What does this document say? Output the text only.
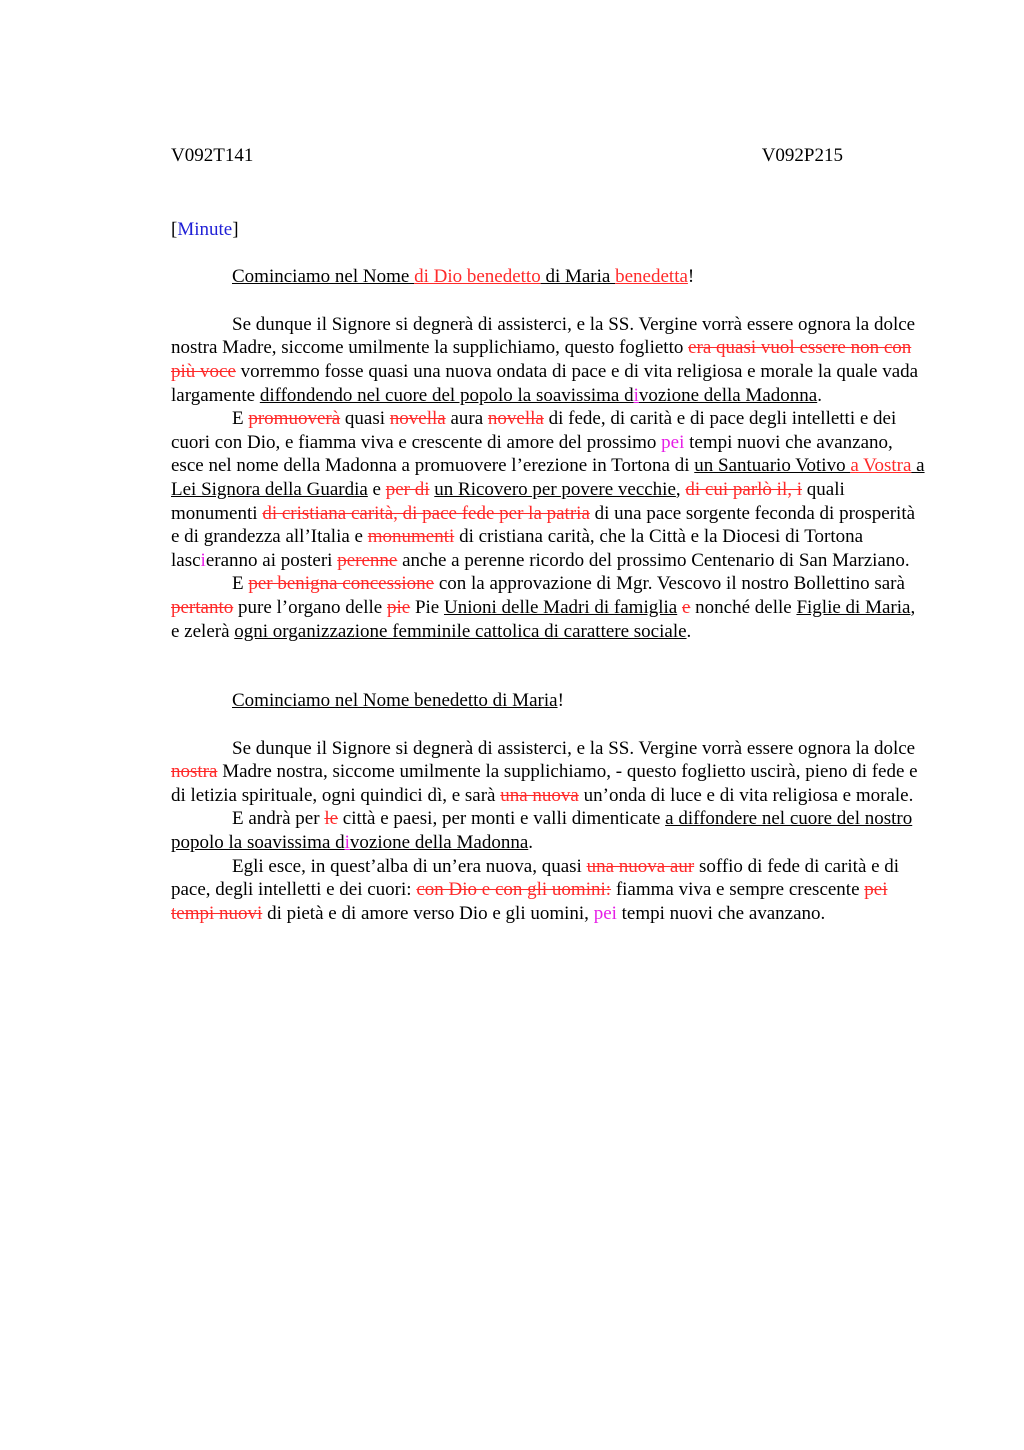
V092T141	V092P215
[Minute]
Cominciamo nel Nome di Dio benedetto di Maria benedetta!

Se dunque il Signore si degnerà di assisterci, e la SS. Vergine vorrà essere ognora la dolce nostra Madre, siccome umilmente la supplichiamo, questo foglietto era quasi vuol essere non con più voce vorremmo fosse quasi una nuova ondata di pace e di vita religiosa e morale la quale vada largamente diffondendo nel cuore del popolo la soavissima divozione della Madonna.

E promuoverà quasi novella aura novella di fede, di carità e di pace degli intelletti e dei cuori con Dio, e fiamma viva e crescente di amore del prossimo pei tempi nuovi che avanzano, esce nel nome della Madonna a promuovere l’erezione in Tortona di un Santuario Votivo a Vostra a Lei Signora della Guardia e per di un Ricovero per povere vecchie, di cui parlò il, i quali monumenti di cristiana carità, di pace fede per la patria di una pace sorgente feconda di prosperità e di grandezza all’Italia e monumenti di cristiana carità, che la Città e la Diocesi di Tortona lascieranno ai posteri perenne anche a perenne ricordo del prossimo Centenario di San Marziano.

E per benigna concessione con la approvazione di Mgr. Vescovo il nostro Bollettino sarà pertanto pure l’organo delle pie Pie Unioni delle Madri di famiglia e nonché delle Figlie di Maria, e zelerà ogni organizzazione femminile cattolica di carattere sociale.

Cominciamo nel Nome benedetto di Maria!

Se dunque il Signore si degnerà di assisterci, e la SS. Vergine vorrà essere ognora la dolce nostra Madre nostra, siccome umilmente la supplichiamo, - questo foglietto uscirà, pieno di fede e di letizia spirituale, ogni quindici dì, e sarà una nuova un’onda di luce e di vita religiosa e morale.

E andrà per le città e paesi, per monti e valli dimenticate a diffondere nel cuore del nostro popolo la soavissima divozione della Madonna.

Egli esce, in quest’alba di un’era nuova, quasi una nuova aur soffio di fede di carità e di pace, degli intelletti e dei cuori: con Dio e con gli uomini: fiamma viva e sempre crescente pei tempi nuovi di pietà e di amore verso Dio e gli uomini, pei tempi nuovi che avanzano.
